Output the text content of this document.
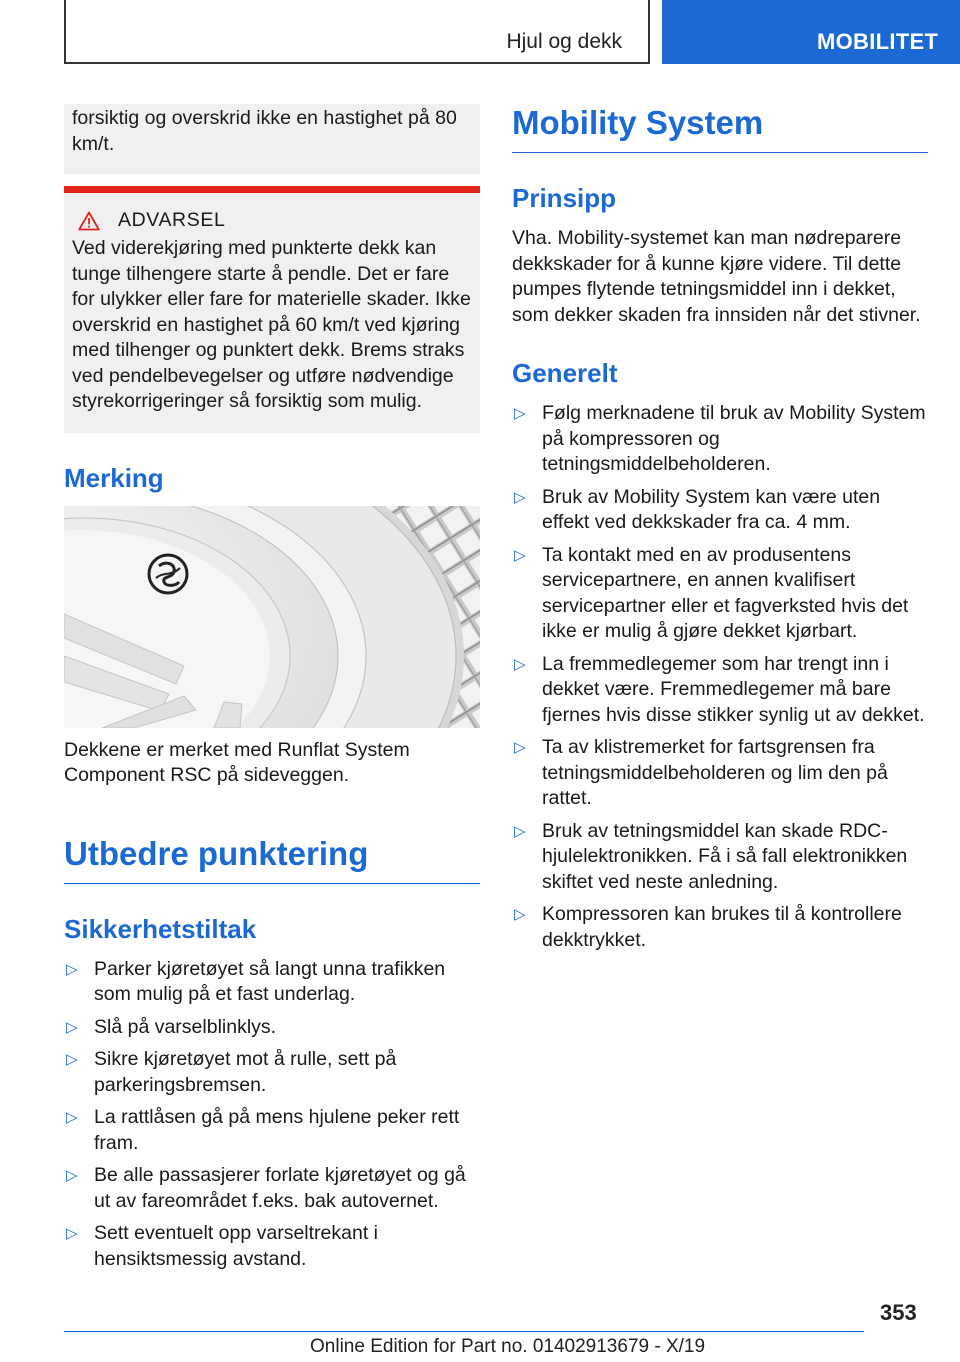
Hjul og dekk	MOBILITET

forsiktig og overskrid ikke en hastighet på 80 km/t.

ADVARSEL

Ved viderekjøring med punkterte dekk kan tunge tilhengere starte å pendle. Det er fare for ulykker eller fare for materielle skader. Ikke overskrid en hastighet på 60 km/t ved kjøring med tilhenger og punktert dekk. Brems straks ved pendelbevegelser og utføre nødvendige styrekorrigeringer så forsiktig som mulig.

Merking

Dekkene er merket med Runflat System Component RSC på sideveggen.

Utbedre punktering
Sikkerhetstiltak
▷ Parker kjøretøyet så langt unna trafikken som mulig på et fast underlag.
▷ Slå på varselblinklys.
▷ Sikre kjøretøyet mot å rulle, sett på parkeringsbremsen.
▷ La rattlåsen gå på mens hjulene peker rett fram.
▷ Be alle passasjerer forlate kjøretøyet og gå ut av fareområdet f.eks. bak autovernet.
▷ Sett eventuelt opp varseltrekant i hensiktsmessig avstand.
Mobility System
Prinsipp

Vha. Mobility-systemet kan man nødreparere dekkskader for å kunne kjøre videre. Til dette pumpes flytende tetningsmiddel inn i dekket, som dekker skaden fra innsiden når det stivner.

Generelt
▷ Følg merknadene til bruk av Mobility System på kompressoren og tetningsmiddelbeholderen.
▷ Bruk av Mobility System kan være uten effekt ved dekkskader fra ca. 4 mm.
▷ Ta kontakt med en av produsentens servicepartnere, en annen kvalifisert servicepartner eller et fagverksted hvis det ikke er mulig å gjøre dekket kjørbart.
▷ La fremmedlegemer som har trengt inn i dekket være. Fremmedlegemer må bare fjernes hvis disse stikker synlig ut av dekket.
▷ Ta av klistremerket for fartsgrensen fra tetningsmiddelbeholderen og lim den på rattet.
▷ Bruk av tetningsmiddel kan skade RDC-hjulelektronikken. Få i så fall elektronikken skiftet ved neste anledning.
▷ Kompressoren kan brukes til å kontrollere dekktrykket.
353
Online Edition for Part no. 01402913679 - X/19
